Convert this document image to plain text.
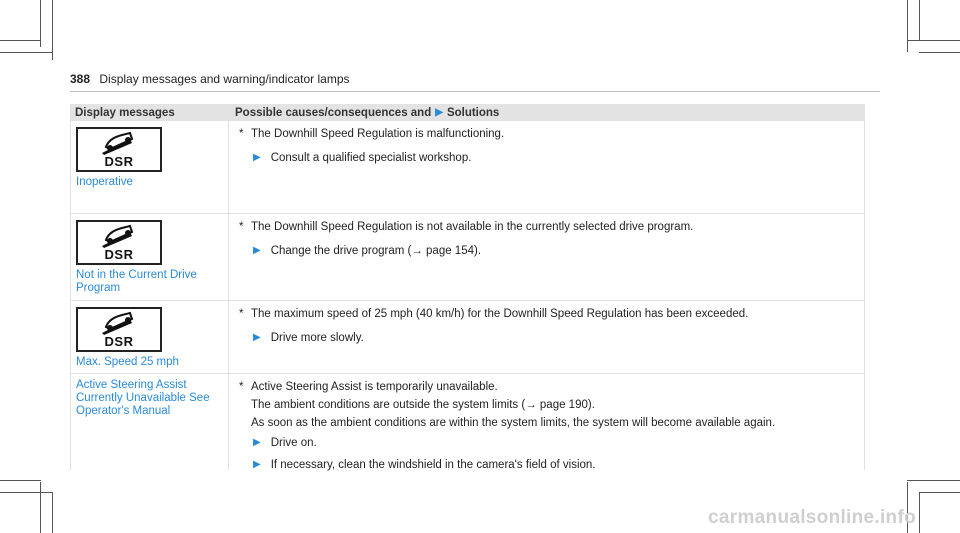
388 Display messages and warning/indicator lamps
Display messages	Possible causes/consequences and ▶ Solutions
DSR
Inoperative
* The Downhill Speed Regulation is malfunctioning.
▶ Consult a qualified specialist workshop.
DSR
Not in the Current Drive Program
* The Downhill Speed Regulation is not available in the currently selected drive program.
▶ Change the drive program (→ page 154).
DSR
Max. Speed 25 mph
* The maximum speed of 25 mph (40 km/h) for the Downhill Speed Regulation has been exceeded.
▶ Drive more slowly.
Active Steering Assist Currently Unavailable See Operator's Manual
* Active Steering Assist is temporarily unavailable.
The ambient conditions are outside the system limits (→ page 190).
As soon as the ambient conditions are within the system limits, the system will become available again.
▶ Drive on.
▶ If necessary, clean the windshield in the camera's field of vision.
carmanualsonline.info
